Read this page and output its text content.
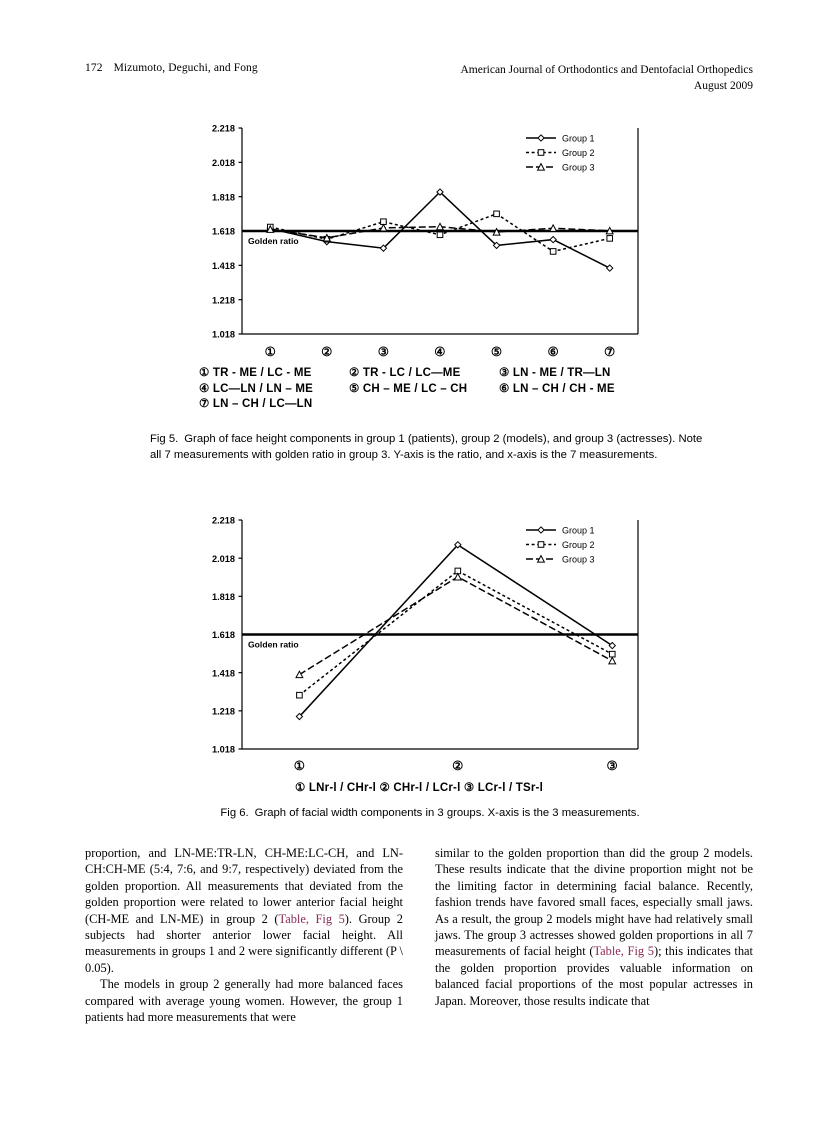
172 Mizumoto, Deguchi, and Fong	American Journal of Orthodontics and Dentofacial Orthopedics
August 2009
1.018
1.218
1.418
1.618
1.818
2.018
2.218
Golden ratio
Group 1
Group 2
Group 3
①	②	③	④	⑤	⑥	⑦
① TR - ME / LC - ME	② TR - LC / LC—ME	③ LN - ME / TR—LN
④ LC—LN / LN – ME	⑤ CH – ME / LC – CH	⑥ LN – CH / CH - ME
⑦ LN – CH / LC—LN
Fig 5. Graph of face height components in group 1 (patients), group 2 (models), and group 3 (actresses). Note all 7 measurements with golden ratio in group 3. Y-axis is the ratio, and x-axis is the 7 measurements.
1.018
1.218
1.418
1.618
1.818
2.018
2.218
Golden ratio
Group 1
Group 2
Group 3
①	②	③
① LNr-l / CHr-l ② CHr-l / LCr-l ③ LCr-l / TSr-l
Fig 6. Graph of facial width components in 3 groups. X-axis is the 3 measurements.

proportion, and LN-ME:TR-LN, CH-ME:LC-CH, and LN-CH:CH-ME (5:4, 7:6, and 9:7, respectively) deviated from the golden proportion. All measurements that deviated from the golden proportion were related to lower anterior facial height (CH-ME and LN-ME) in group 2 (Table, Fig 5). Group 2 subjects had shorter anterior lower facial height. All measurements in groups 1 and 2 were significantly different (P \ 0.05).

The models in group 2 generally had more balanced faces compared with average young women. However, the group 1 patients had more measurements that were

similar to the golden proportion than did the group 2 models. These results indicate that the divine proportion might not be the limiting factor in determining facial balance. Recently, fashion trends have favored small faces, especially small jaws. As a result, the group 2 models might have had relatively small jaws. The group 3 actresses showed golden proportions in all 7 measurements of facial height (Table, Fig 5); this indicates that the golden proportion provides valuable information on balanced facial proportions of the most popular actresses in Japan. Moreover, those results indicate that
